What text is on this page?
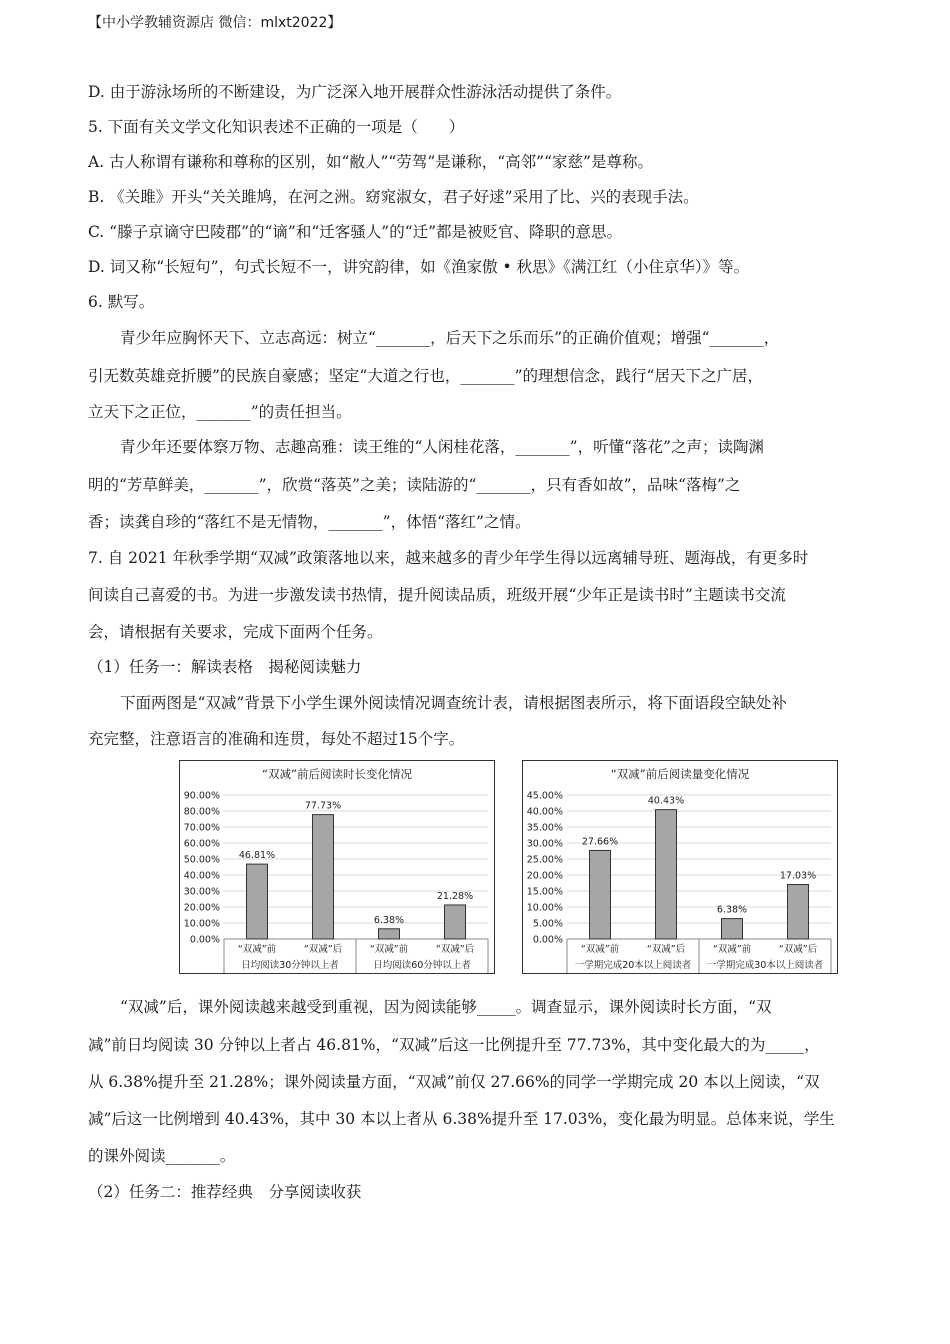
【中小学教辅资源店 微信：mlxt2022】
D. 由于游泳场所的不断建设，为广泛深入地开展群众性游泳活动提供了条件。
5. 下面有关文学文化知识表述不正确的一项是（　　）
A. 古人称谓有谦称和尊称的区别，如“敝人”“劳驾”是谦称，“高邻”“家慈”是尊称。
B. 《关雎》开头“关关雎鸠，在河之洲。窈窕淑女，君子好逑”采用了比、兴的表现手法。
C. “滕子京谪守巴陵郡”的“谪”和“迁客骚人”的“迁”都是被贬官、降职的意思。
D. 词又称“长短句”，句式长短不一，讲究韵律，如《渔家傲 • 秋思》《满江红（小住京华）》等。
6. 默写。
青少年应胸怀天下、立志高远：树立“_______，后天下之乐而乐”的正确价值观；增强“_______，
引无数英雄竞折腰”的民族自豪感；坚定“大道之行也，_______”的理想信念，践行“居天下之广居，
立天下之正位，_______”的责任担当。
青少年还要体察万物、志趣高雅：读王维的“人闲桂花落，_______”，听懂“落花”之声；读陶渊
明的“芳草鲜美，_______”，欣赏“落英”之美；读陆游的“_______，只有香如故”，品味“落梅”之
香；读龚自珍的“落红不是无情物，_______”，体悟“落红”之情。
7. 自 2021 年秋季学期“双减”政策落地以来，越来越多的青少年学生得以远离辅导班、题海战，有更多时
间读自己喜爱的书。为进一步激发读书热情，提升阅读品质，班级开展“少年正是读书时”主题读书交流
会，请根据有关要求，完成下面两个任务。
（1）任务一：解读表格　揭秘阅读魅力
下面两图是“双减”背景下小学生课外阅读情况调查统计表，请根据图表所示，将下面语段空缺处补
充完整，注意语言的准确和连贯，每处不超过15个字。
“双减”前后阅读时长变化情况
0.00%
10.00%
20.00%
30.00%
40.00%
50.00%
60.00%
70.00%
80.00%
90.00%
46.81%
“双减”前
77.73%
“双减”后
6.38%
“双减”前
21.28%
“双减”后
日均阅读30分钟以上者	日均阅读60分钟以上者
“双减”前后阅读量变化情况
0.00%
5.00%
10.00%
15.00%
20.00%
25.00%
30.00%
35.00%
40.00%
45.00%
27.66%
“双减”前
40.43%
“双减”后
6.38%
“双减”前
17.03%
“双减”后
一学期完成20本以上阅读者 一学期完成30本以上阅读者
“双减”后，课外阅读越来越受到重视，因为阅读能够_____。调查显示，课外阅读时长方面，“双
减”前日均阅读 30 分钟以上者占 46.81%，“双减”后这一比例提升至 77.73%，其中变化最大的为_____，
从 6.38%提升至 21.28%；课外阅读量方面，“双减”前仅 27.66%的同学一学期完成 20 本以上阅读，“双
减”后这一比例增到 40.43%，其中 30 本以上者从 6.38%提升至 17.03%，变化最为明显。总体来说，学生
的课外阅读_______。
（2）任务二：推荐经典　分享阅读收获
